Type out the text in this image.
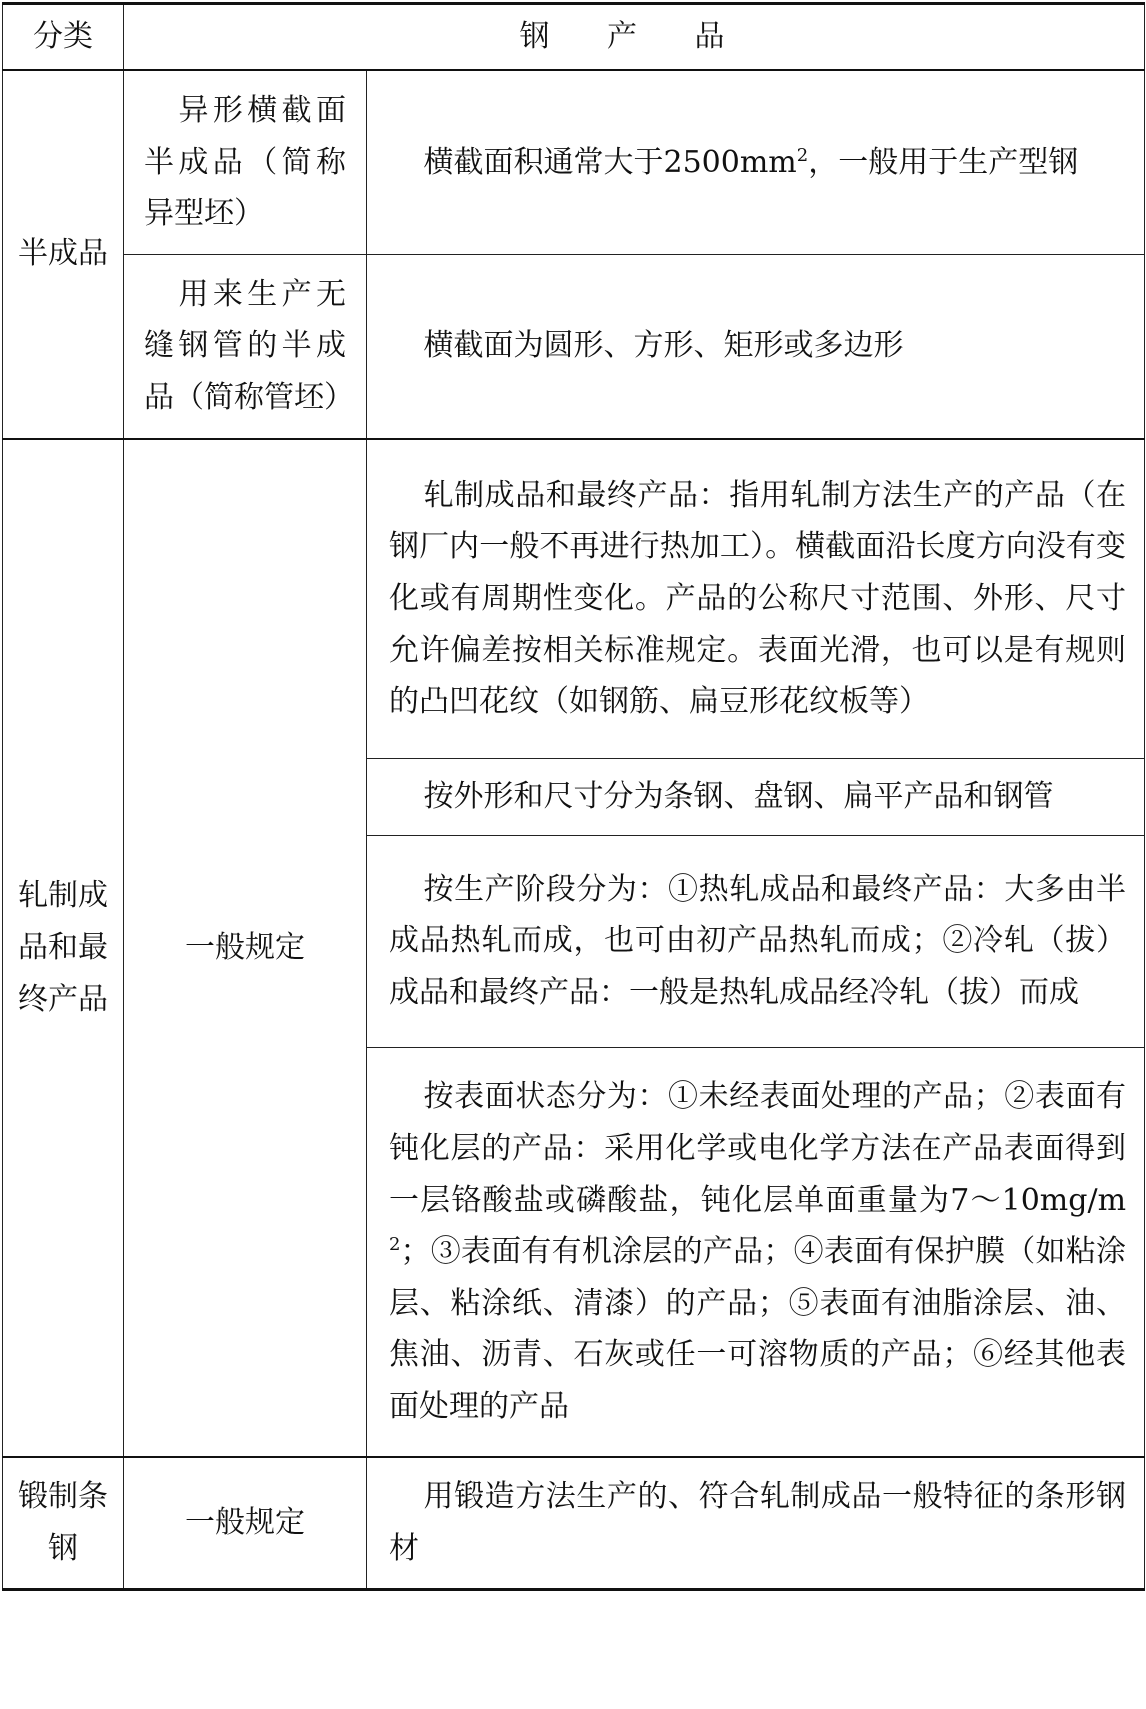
分类	钢 产 品	
半成品	异形横截面半成品（简称异型坯）	横截面积通常大于$2500mm^2$，一般用于生产型钢

	用来生产无缝钢管的半成品（简称管坯）	横截面为圆形、方形、矩形或多边形

轧制成品和最终产品	一般规定	轧制成品和最终产品：指用轧制方法生产的产品（在钢厂内一般不再进行热加工）。横截面沿长度方向没有变化或有周期性变化。产品的公称尺寸范围、外形、尺寸允许偏差按相关标准规定。表面光滑，也可以是有规则的凸凹花纹（如钢筋、扁豆形花纹板等）

		按外形和尺寸分为条钢、盘钢、扁平产品和钢管

		按生产阶段分为：①热轧成品和最终产品：大多由半成品热轧而成，也可由初产品热轧而成；②冷轧（拔）成品和最终产品：一般是热轧成品经冷轧（拔）而成

		按表面状态分为：①未经表面处理的产品；②表面有钝化层的产品：采用化学或电化学方法在产品表面得到一层铬酸盐或磷酸盐，钝化层单面重量为$7\sim 10mg/m^2$；③表面有有机涂层的产品；④表面有保护膜（如粘涂层、粘涂纸、清漆）的产品；⑤表面有油脂涂层、油、焦油、沥青、石灰或任一可溶物质的产品；⑥经其他表面处理的产品

锻制条钢	一般规定	用锻造方法生产的、符合轧制成品一般特征的条形钢材
